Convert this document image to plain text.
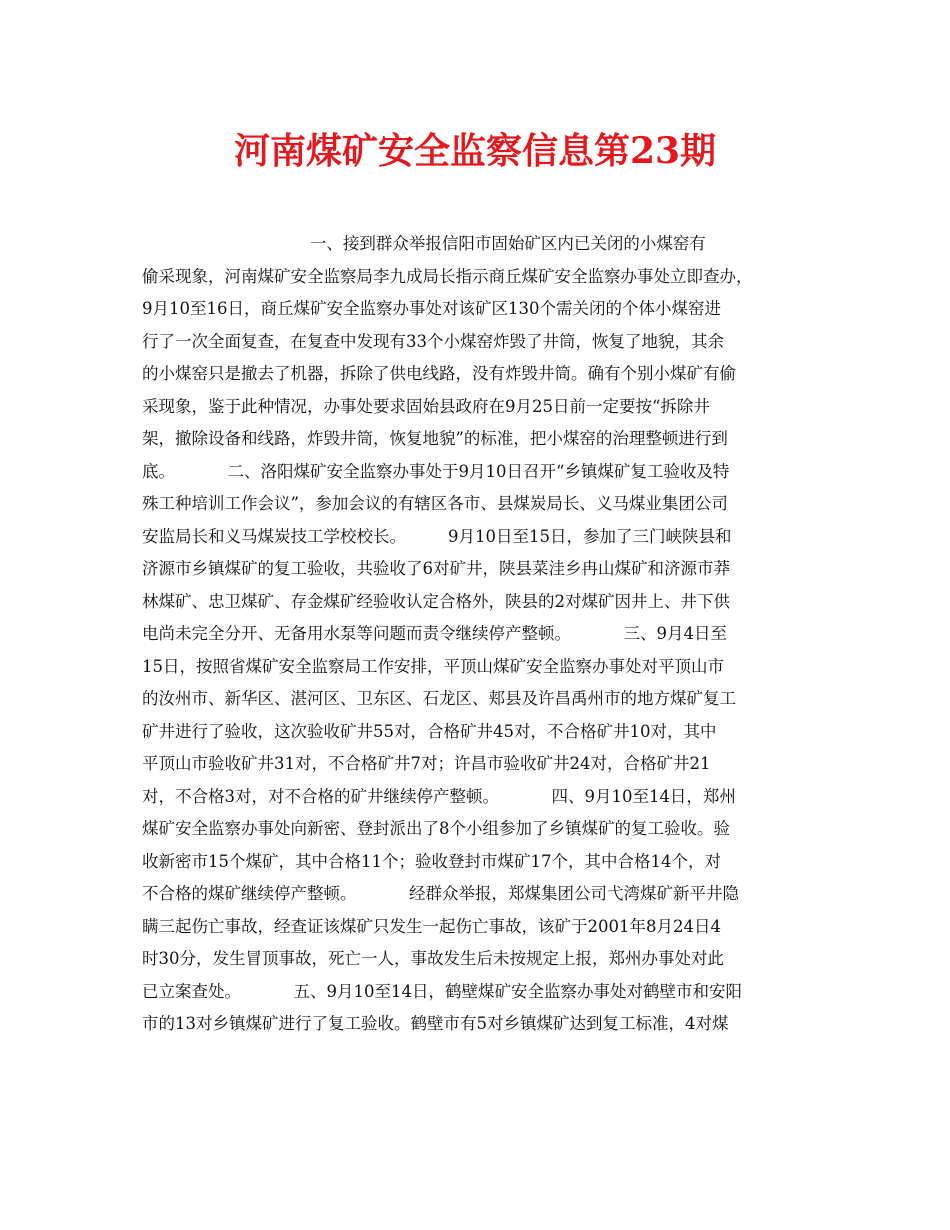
河南煤矿安全监察信息第23期
一、接到群众举报信阳市固始矿区内已关闭的小煤窑有
偷采现象，河南煤矿安全监察局李九成局长指示商丘煤矿安全监察办事处立即查办，
9月10至16日，商丘煤矿安全监察办事处对该矿区130个需关闭的个体小煤窑进
行了一次全面复查，在复查中发现有33个小煤窑炸毁了井筒，恢复了地貌，其余
的小煤窑只是撤去了机器，拆除了供电线路，没有炸毁井筒。确有个别小煤矿有偷
采现象，鉴于此种情况，办事处要求固始县政府在9月25日前一定要按“拆除井
架，撤除设备和线路，炸毁井筒，恢复地貌”的标准，把小煤窑的治理整顿进行到
底。          二、洛阳煤矿安全监察办事处于9月10日召开“乡镇煤矿复工验收及特
殊工种培训工作会议”，参加会议的有辖区各市、县煤炭局长、义马煤业集团公司
安监局长和义马煤炭技工学校校长。        9月10日至15日，参加了三门峡陕县和
济源市乡镇煤矿的复工验收，共验收了6对矿井，陕县菜洼乡冉山煤矿和济源市莽
林煤矿、忠卫煤矿、存金煤矿经验收认定合格外，陕县的2对煤矿因井上、井下供
电尚未完全分开、无备用水泵等问题而责令继续停产整顿。          三、9月4日至
15日，按照省煤矿安全监察局工作安排，平顶山煤矿安全监察办事处对平顶山市
的汝州市、新华区、湛河区、卫东区、石龙区、郏县及许昌禹州市的地方煤矿复工
矿井进行了验收，这次验收矿井55对，合格矿井45对，不合格矿井10对，其中
平顶山市验收矿井31对，不合格矿井7对；许昌市验收矿井24对，合格矿井21
对，不合格3对，对不合格的矿井继续停产整顿。          四、9月10至14日，郑州
煤矿安全监察办事处向新密、登封派出了8个小组参加了乡镇煤矿的复工验收。验
收新密市15个煤矿，其中合格11个；验收登封市煤矿17个，其中合格14个，对
不合格的煤矿继续停产整顿。          经群众举报，郑煤集团公司弋湾煤矿新平井隐
瞒三起伤亡事故，经查证该煤矿只发生一起伤亡事故，该矿于2001年8月24日4
时30分，发生冒顶事故，死亡一人，事故发生后未按规定上报，郑州办事处对此
已立案查处。          五、9月10至14日，鹤壁煤矿安全监察办事处对鹤壁市和安阳
市的13对乡镇煤矿进行了复工验收。鹤壁市有5对乡镇煤矿达到复工标准，4对煤
